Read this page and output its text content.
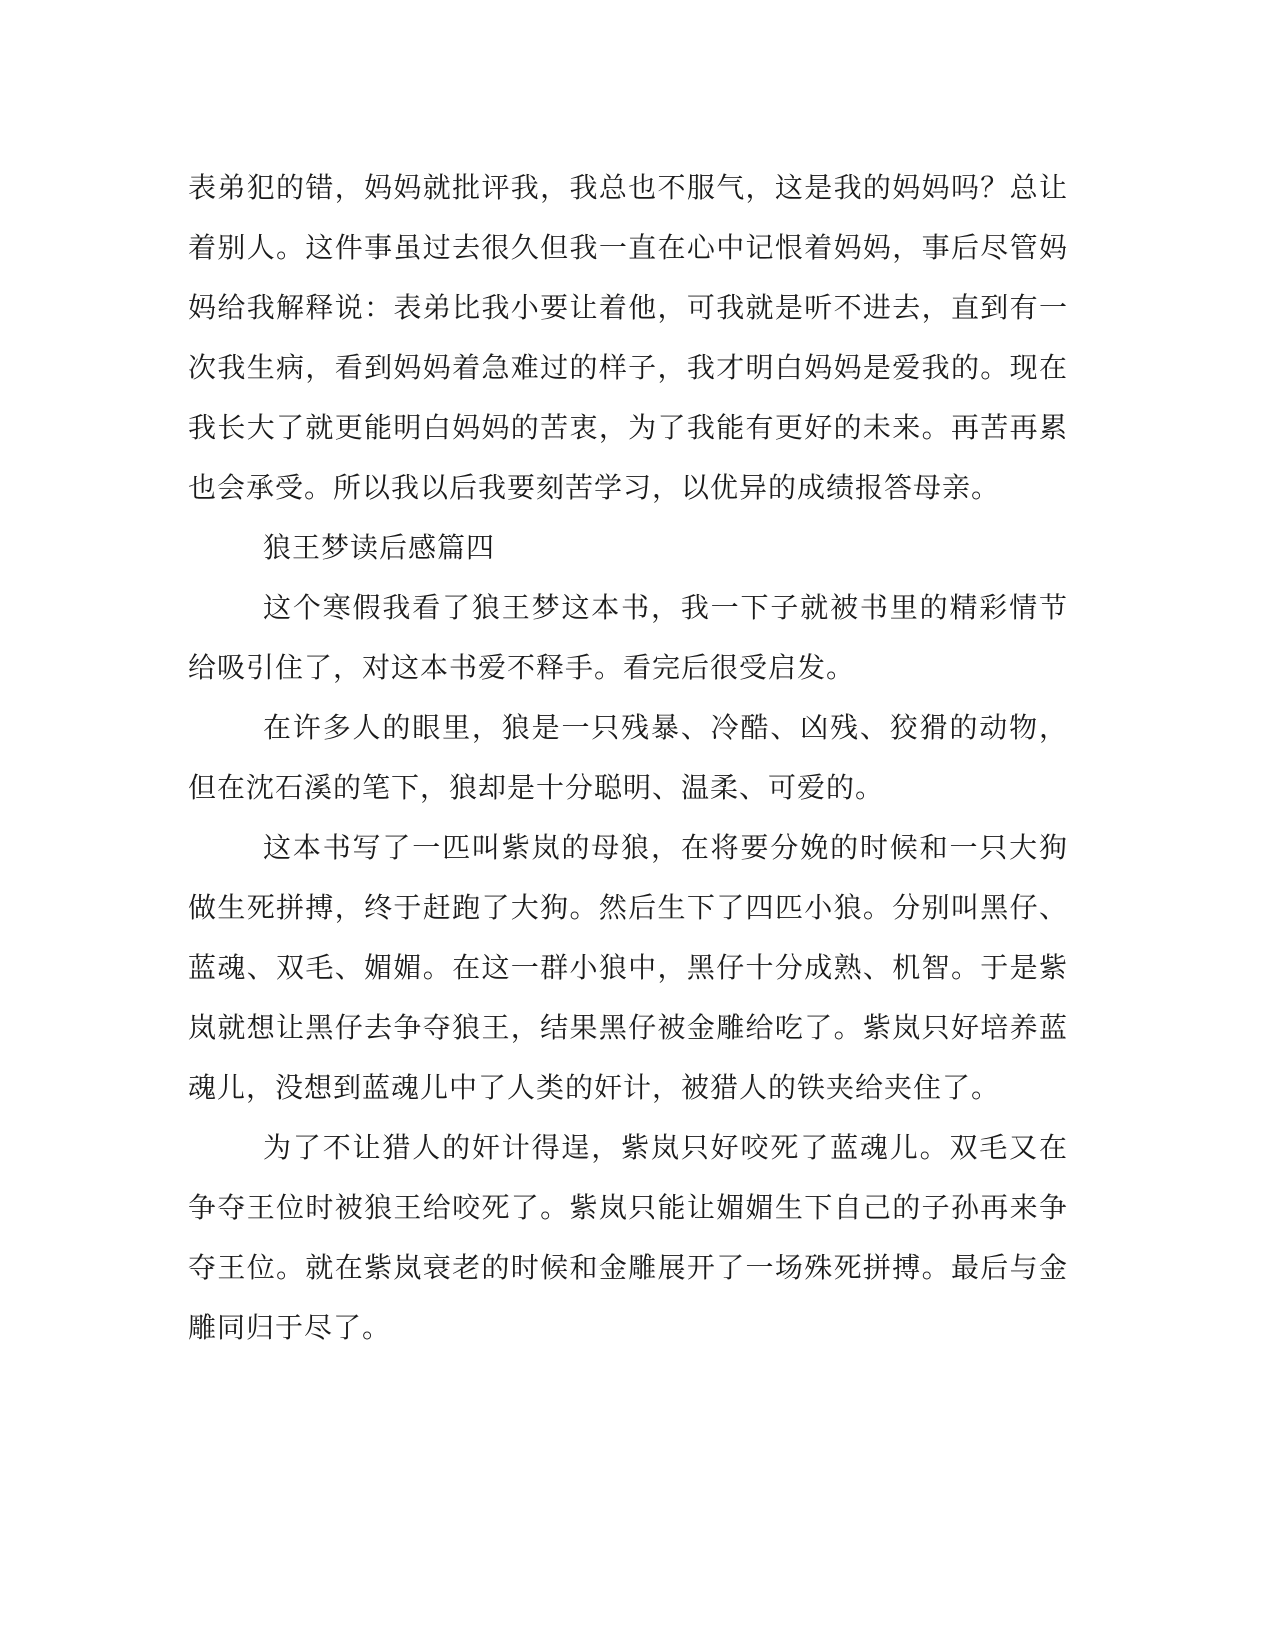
表弟犯的错，妈妈就批评我，我总也不服气，这是我的妈妈吗？总让着别人。这件事虽过去很久但我一直在心中记恨着妈妈，事后尽管妈妈给我解释说：表弟比我小要让着他，可我就是听不进去，直到有一次我生病，看到妈妈着急难过的样子，我才明白妈妈是爱我的。现在我长大了就更能明白妈妈的苦衷，为了我能有更好的未来。再苦再累也会承受。所以我以后我要刻苦学习，以优异的成绩报答母亲。

狼王梦读后感篇四

这个寒假我看了狼王梦这本书，我一下子就被书里的精彩情节给吸引住了，对这本书爱不释手。看完后很受启发。

在许多人的眼里，狼是一只残暴、冷酷、凶残、狡猾的动物，但在沈石溪的笔下，狼却是十分聪明、温柔、可爱的。

这本书写了一匹叫紫岚的母狼，在将要分娩的时候和一只大狗做生死拼搏，终于赶跑了大狗。然后生下了四匹小狼。分别叫黑仔、蓝魂、双毛、媚媚。在这一群小狼中，黑仔十分成熟、机智。于是紫岚就想让黑仔去争夺狼王，结果黑仔被金雕给吃了。紫岚只好培养蓝魂儿，没想到蓝魂儿中了人类的奸计，被猎人的铁夹给夹住了。

为了不让猎人的奸计得逞，紫岚只好咬死了蓝魂儿。双毛又在争夺王位时被狼王给咬死了。紫岚只能让媚媚生下自己的子孙再来争夺王位。就在紫岚衰老的时候和金雕展开了一场殊死拼搏。最后与金雕同归于尽了。
